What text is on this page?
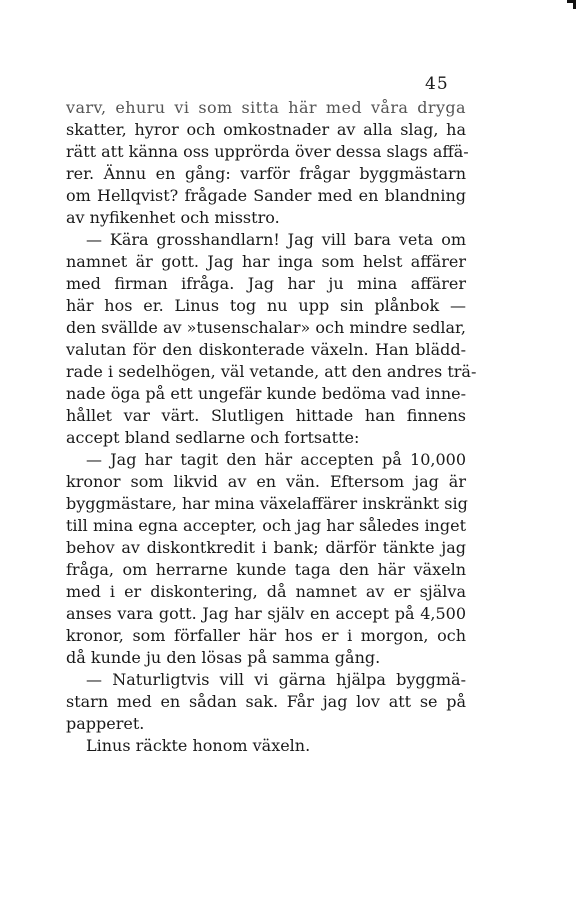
45
varv, ehuru vi som sitta här med våra dryga
skatter, hyror och omkostnader av alla slag, ha
rätt att känna oss upprörda över dessa slags affä-
rer. Ännu en gång: varför frågar byggmästarn
om Hellqvist? frågade Sander med en blandning
av nyfikenhet och misstro.
— Kära grosshandlarn! Jag vill bara veta om
namnet är gott. Jag har inga som helst affärer
med firman ifråga. Jag har ju mina affärer
här hos er. Linus tog nu upp sin plånbok —
den svällde av »tusenschalar» och mindre sedlar,
valutan för den diskonterade växeln. Han blädd-
rade i sedelhögen, väl vetande, att den andres trä-
nade öga på ett ungefär kunde bedöma vad inne-
hållet var värt. Slutligen hittade han finnens
accept bland sedlarne och fortsatte:
— Jag har tagit den här accepten på 10,000
kronor som likvid av en vän. Eftersom jag är
byggmästare, har mina växelaffärer inskränkt sig
till mina egna accepter, och jag har således inget
behov av diskontkredit i bank; därför tänkte jag
fråga, om herrarne kunde taga den här växeln
med i er diskontering, då namnet av er själva
anses vara gott. Jag har själv en accept på 4,500
kronor, som förfaller här hos er i morgon, och
då kunde ju den lösas på samma gång.
— Naturligtvis vill vi gärna hjälpa byggmä-
starn med en sådan sak. Får jag lov att se på
papperet.
Linus räckte honom växeln.
